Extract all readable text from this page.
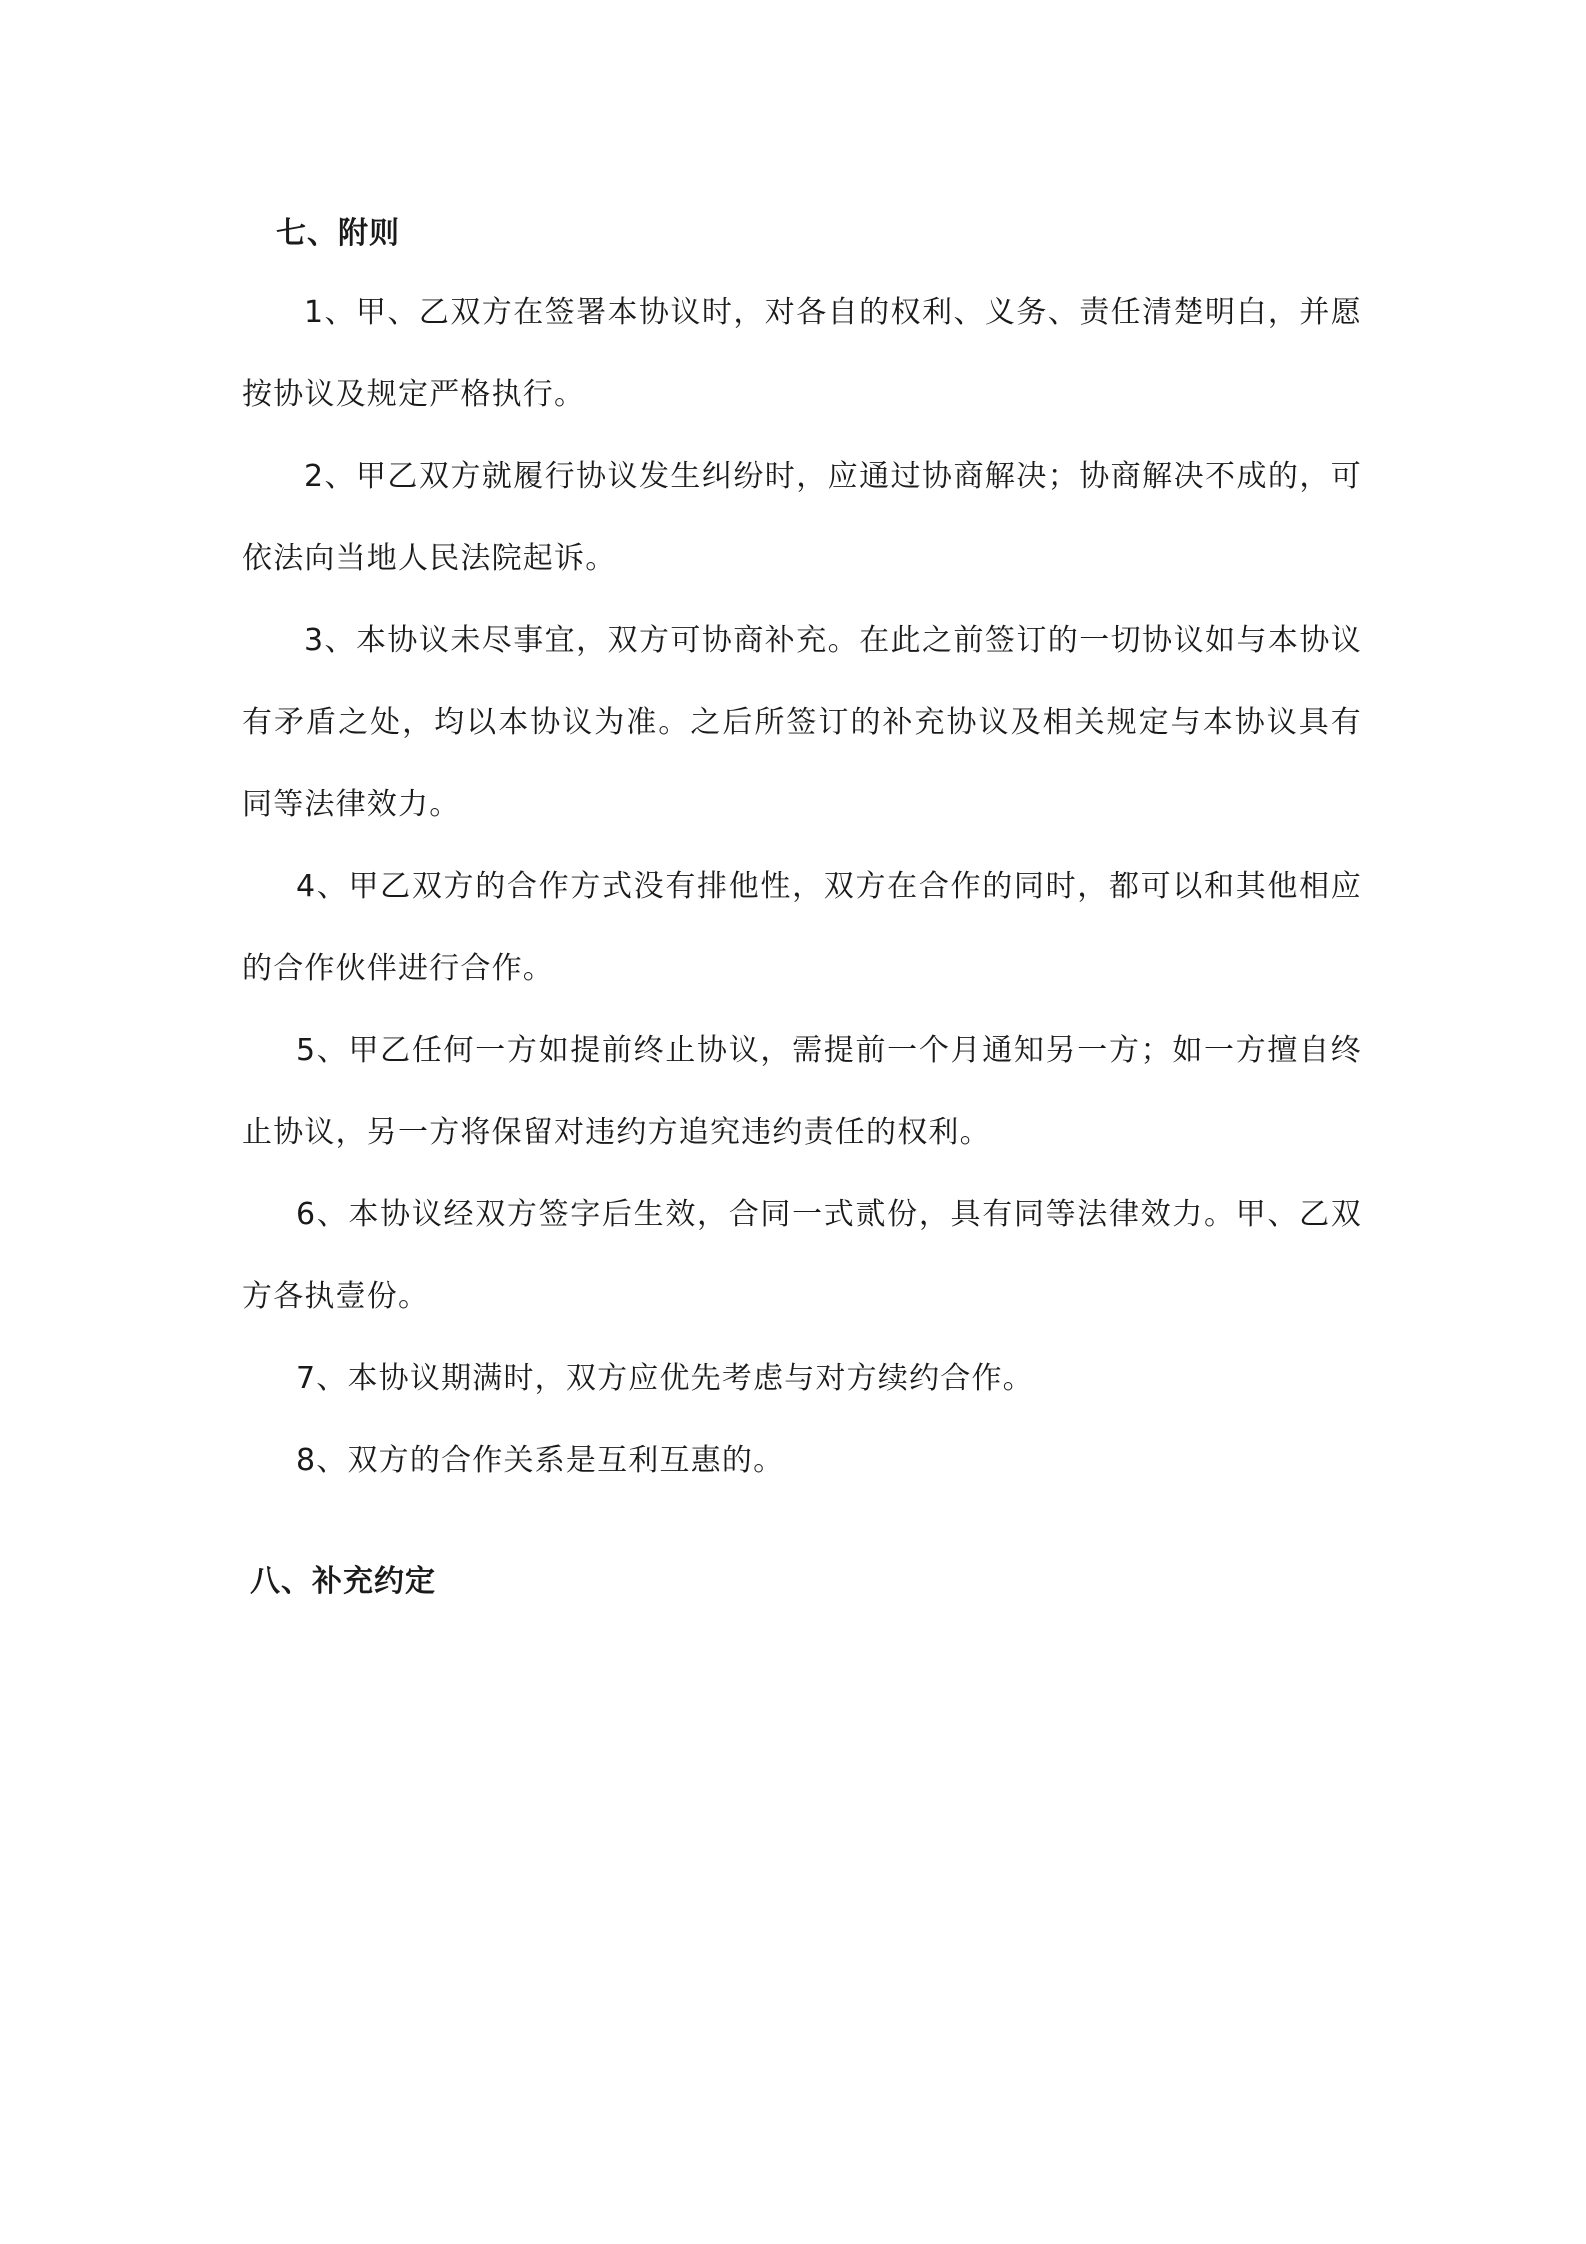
七、附则

1、甲、乙双方在签署本协议时，对各自的权利、义务、责任清楚明白，并愿按协议及规定严格执行。

2、甲乙双方就履行协议发生纠纷时，应通过协商解决；协商解决不成的，可依法向当地人民法院起诉。

3、本协议未尽事宜，双方可协商补充。在此之前签订的一切协议如与本协议有矛盾之处，均以本协议为准。之后所签订的补充协议及相关规定与本协议具有同等法律效力。

4、甲乙双方的合作方式没有排他性，双方在合作的同时，都可以和其他相应的合作伙伴进行合作。

5、甲乙任何一方如提前终止协议，需提前一个月通知另一方；如一方擅自终止协议，另一方将保留对违约方追究违约责任的权利。

6、本协议经双方签字后生效，合同一式贰份，具有同等法律效力。甲、乙双方各执壹份。

7、本协议期满时，双方应优先考虑与对方续约合作。

8、双方的合作关系是互利互惠的。

八、补充约定
